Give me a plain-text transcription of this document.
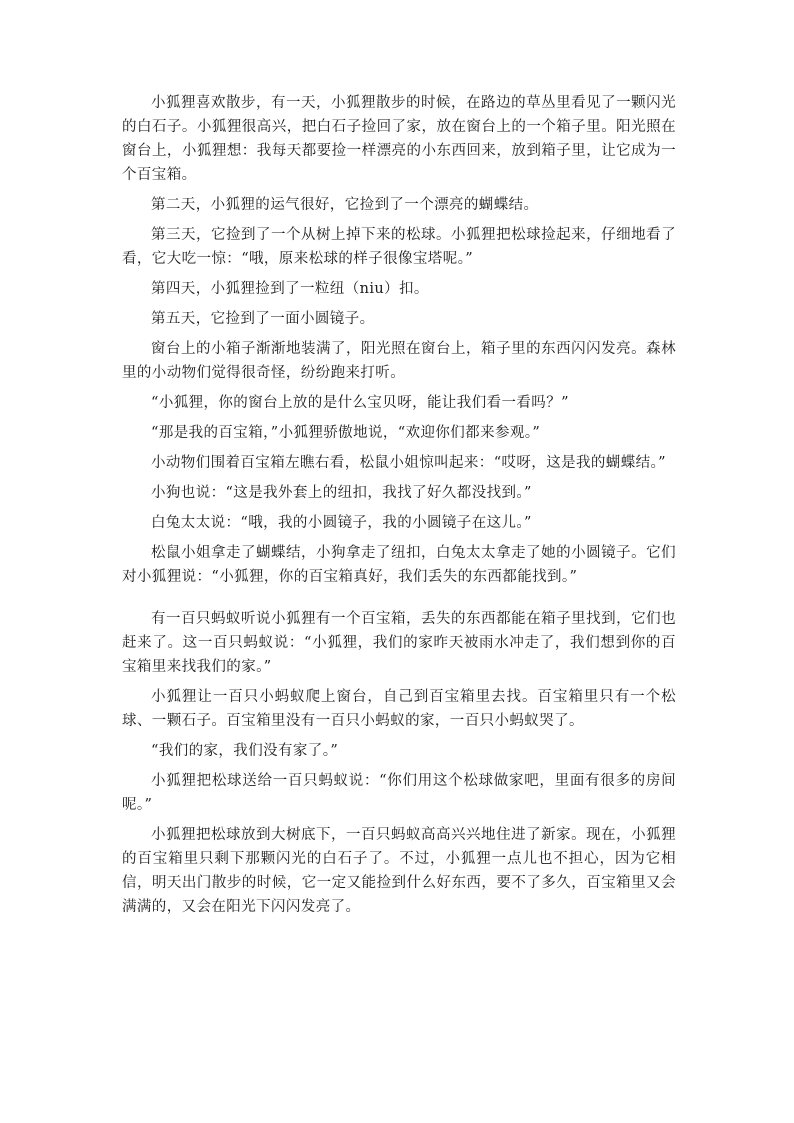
小狐狸喜欢散步，有一天，小狐狸散步的时候，在路边的草丛里看见了一颗闪光的白石子。小狐狸很高兴，把白石子捡回了家，放在窗台上的一个箱子里。阳光照在窗台上，小狐狸想：我每天都要捡一样漂亮的小东西回来，放到箱子里，让它成为一个百宝箱。

第二天，小狐狸的运气很好，它捡到了一个漂亮的蝴蝶结。

第三天，它捡到了一个从树上掉下来的松球。小狐狸把松球捡起来，仔细地看了看，它大吃一惊：“哦，原来松球的样子很像宝塔呢。”

第四天，小狐狸捡到了一粒纽（niu）扣。

第五天，它捡到了一面小圆镜子。

窗台上的小箱子渐渐地装满了，阳光照在窗台上，箱子里的东西闪闪发亮。森林里的小动物们觉得很奇怪，纷纷跑来打听。

“小狐狸，你的窗台上放的是什么宝贝呀，能让我们看一看吗？”

“那是我的百宝箱，”小狐狸骄傲地说，“欢迎你们都来参观。”

小动物们围着百宝箱左瞧右看，松鼠小姐惊叫起来：“哎呀，这是我的蝴蝶结。”

小狗也说：“这是我外套上的纽扣，我找了好久都没找到。”

白兔太太说：“哦，我的小圆镜子，我的小圆镜子在这儿。”

松鼠小姐拿走了蝴蝶结，小狗拿走了纽扣，白兔太太拿走了她的小圆镜子。它们对小狐狸说：“小狐狸，你的百宝箱真好，我们丢失的东西都能找到。”

有一百只蚂蚁听说小狐狸有一个百宝箱，丢失的东西都能在箱子里找到，它们也赶来了。这一百只蚂蚁说：“小狐狸，我们的家昨天被雨水冲走了，我们想到你的百宝箱里来找我们的家。”

小狐狸让一百只小蚂蚁爬上窗台，自己到百宝箱里去找。百宝箱里只有一个松球、一颗石子。百宝箱里没有一百只小蚂蚁的家，一百只小蚂蚁哭了。

“我们的家，我们没有家了。”

小狐狸把松球送给一百只蚂蚁说：“你们用这个松球做家吧，里面有很多的房间呢。”

小狐狸把松球放到大树底下，一百只蚂蚁高高兴兴地住进了新家。现在，小狐狸的百宝箱里只剩下那颗闪光的白石子了。不过，小狐狸一点儿也不担心，因为它相信，明天出门散步的时候，它一定又能捡到什么好东西，要不了多久，百宝箱里又会满满的，又会在阳光下闪闪发亮了。
